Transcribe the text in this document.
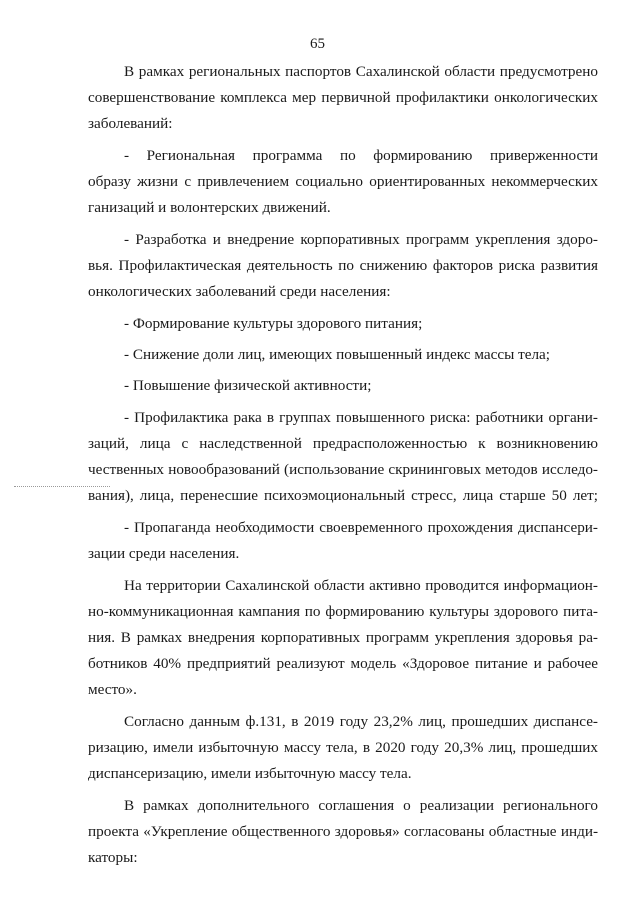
65
В рамках региональных паспортов Сахалинской области предусмотрено
совершенствование комплекса мер первичной профилактики онкологических
заболеваний:
- Региональная программа по формированию приверженности
образу жизни с привлечением социально ориентированных некоммерческих
ганизаций и волонтерских движений.
- Разработка и внедрение корпоративных программ укрепления здоро-
вья. Профилактическая деятельность по снижению факторов риска развития
онкологических заболеваний среди населения:
- Формирование культуры здорового питания;
- Снижение доли лиц, имеющих повышенный индекс массы тела;
- Повышение физической активности;
- Профилактика рака в группах повышенного риска: работники органи-
заций, лица с наследственной предрасположенностью к возникновению
чественных новообразований (использование скрининговых методов исследо-
вания), лица, перенесшие психоэмоциональный стресс, лица старше 50 лет;
- Пропаганда необходимости своевременного прохождения диспансери-
зации среди населения.
На территории Сахалинской области активно проводится информацион-
но-коммуникационная кампания по формированию культуры здорового пита-
ния. В рамках внедрения корпоративных программ укрепления здоровья ра-
ботников 40% предприятий реализуют модель «Здоровое питание и рабочее
место».
Согласно данным ф.131, в 2019 году 23,2% лиц, прошедших диспансе-
ризацию, имели избыточную массу тела, в 2020 году 20,3% лиц, прошедших
диспансеризацию, имели избыточную массу тела.
В рамках дополнительного соглашения о реализации регионального
проекта «Укрепление общественного здоровья» согласованы областные инди-
каторы:
